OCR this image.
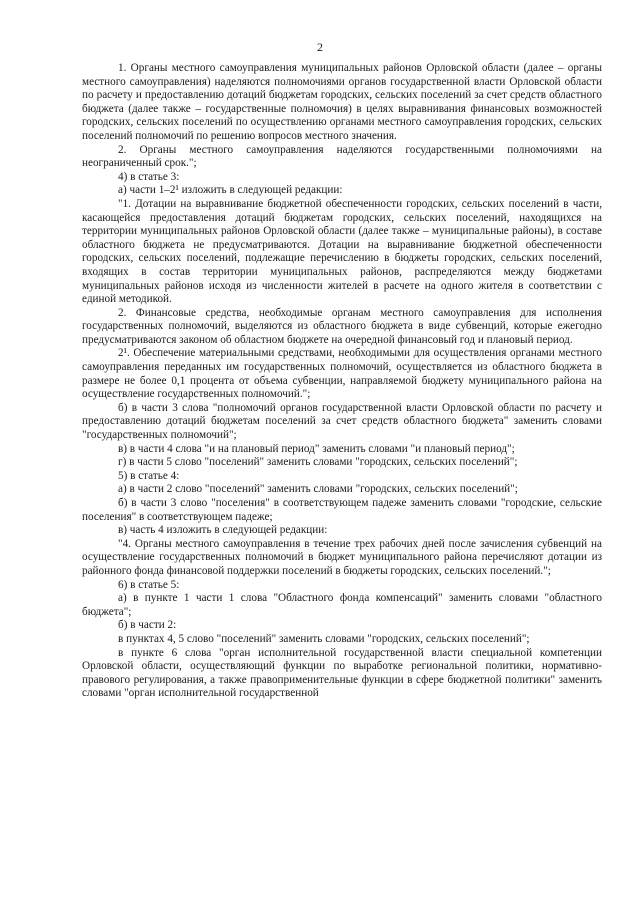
2

1. Органы местного самоуправления муниципальных районов Орловской области (далее – органы местного самоуправления) наделяются полномочиями органов государственной власти Орловской области по расчету и предоставлению дотаций бюджетам городских, сельских поселений за счет средств областного бюджета (далее также – государственные полномочия) в целях выравнивания финансовых возможностей городских, сельских поселений по осуществлению органами местного самоуправления городских, сельских поселений полномочий по решению вопросов местного значения.

2. Органы местного самоуправления наделяются государственными полномочиями на неограниченный срок.";

4) в статье 3:

а) части 1–2¹ изложить в следующей редакции:

"1. Дотации на выравнивание бюджетной обеспеченности городских, сельских поселений в части, касающейся предоставления дотаций бюджетам городских, сельских поселений, находящихся на территории муниципальных районов Орловской области (далее также – муниципальные районы), в составе областного бюджета не предусматриваются. Дотации на выравнивание бюджетной обеспеченности городских, сельских поселений, подлежащие перечислению в бюджеты городских, сельских поселений, входящих в состав территории муниципальных районов, распределяются между бюджетами муниципальных районов исходя из численности жителей в расчете на одного жителя в соответствии с единой методикой.

2. Финансовые средства, необходимые органам местного самоуправления для исполнения государственных полномочий, выделяются из областного бюджета в виде субвенций, которые ежегодно предусматриваются законом об областном бюджете на очередной финансовый год и плановый период.

2¹. Обеспечение материальными средствами, необходимыми для осуществления органами местного самоуправления переданных им государственных полномочий, осуществляется из областного бюджета в размере не более 0,1 процента от объема субвенции, направляемой бюджету муниципального района на осуществление государственных полномочий.";

б) в части 3 слова "полномочий органов государственной власти Орловской области по расчету и предоставлению дотаций бюджетам поселений за счет средств областного бюджета" заменить словами "государственных полномочий";

в) в части 4 слова "и на плановый период" заменить словами "и плановый период";

г) в части 5 слово "поселений" заменить словами "городских, сельских поселений";

5) в статье 4:

а) в части 2 слово "поселений" заменить словами "городских, сельских поселений";

б) в части 3 слово "поселения" в соответствующем падеже заменить словами "городские, сельские поселения" в соответствующем падеже;

в) часть 4 изложить в следующей редакции:

"4. Органы местного самоуправления в течение трех рабочих дней после зачисления субвенций на осуществление государственных полномочий в бюджет муниципального района перечисляют дотации из районного фонда финансовой поддержки поселений в бюджеты городских, сельских поселений.";

6) в статье 5:

а) в пункте 1 части 1 слова "Областного фонда компенсаций" заменить словами "областного бюджета";

б) в части 2:

в пунктах 4, 5 слово "поселений" заменить словами "городских, сельских поселений";

в пункте 6 слова "орган исполнительной государственной власти специальной компетенции Орловской области, осуществляющий функции по выработке региональной политики, нормативно-правового регулирования, а также правоприменительные функции в сфере бюджетной политики" заменить словами "орган исполнительной государственной
